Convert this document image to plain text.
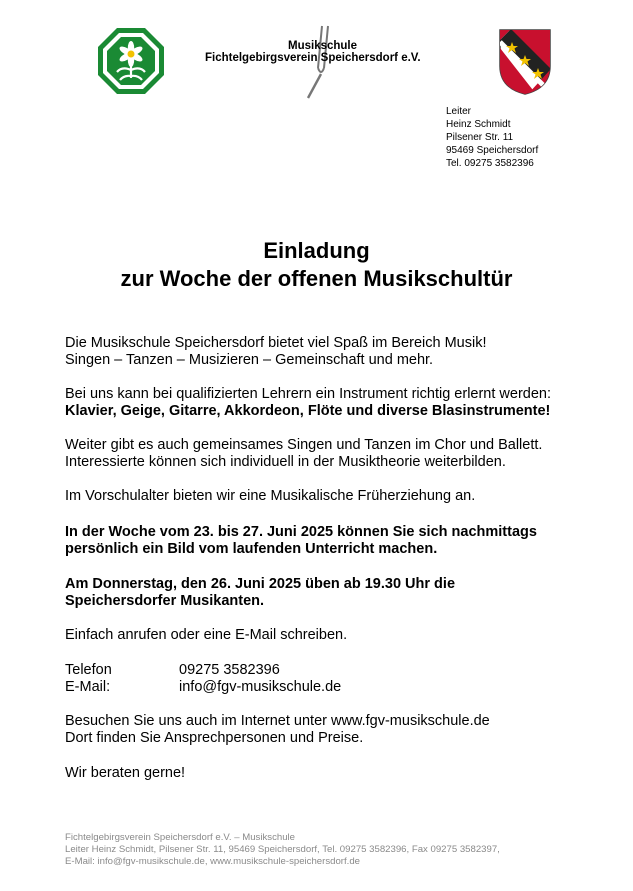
Musikschule
Fichtelgebirgsverein Speichersdorf e.V.
Leiter
Heinz Schmidt
Pilsener Str. 11
95469 Speichersdorf
Tel. 09275 3582396
Einladung
zur Woche der offenen Musikschultür
Die Musikschule Speichersdorf bietet viel Spaß im Bereich Musik!
Singen – Tanzen – Musizieren – Gemeinschaft und mehr.
Bei uns kann bei qualifizierten Lehrern ein Instrument richtig erlernt werden:
Klavier, Geige, Gitarre, Akkordeon, Flöte und diverse Blasinstrumente!
Weiter gibt es auch gemeinsames Singen und Tanzen im Chor und Ballett.
Interessierte können sich individuell in der Musiktheorie weiterbilden.
Im Vorschulalter bieten wir eine Musikalische Früherziehung an.
In der Woche vom 23. bis 27. Juni 2025 können Sie sich nachmittags
persönlich ein Bild vom laufenden Unterricht machen.
Am Donnerstag, den 26. Juni 2025 üben ab 19.30 Uhr die
Speichersdorfer Musikanten.
Einfach anrufen oder eine E-Mail schreiben.
Telefon	09275 3582396
E-Mail:	info@fgv-musikschule.de
Besuchen Sie uns auch im Internet unter www.fgv-musikschule.de
Dort finden Sie Ansprechpersonen und Preise.
Wir beraten gerne!
Fichtelgebirgsverein Speichersdorf e.V. – Musikschule
Leiter Heinz Schmidt, Pilsener Str. 11, 95469 Speichersdorf, Tel. 09275 3582396, Fax 09275 3582397,
E-Mail: info@fgv-musikschule.de, www.musikschule-speichersdorf.de
